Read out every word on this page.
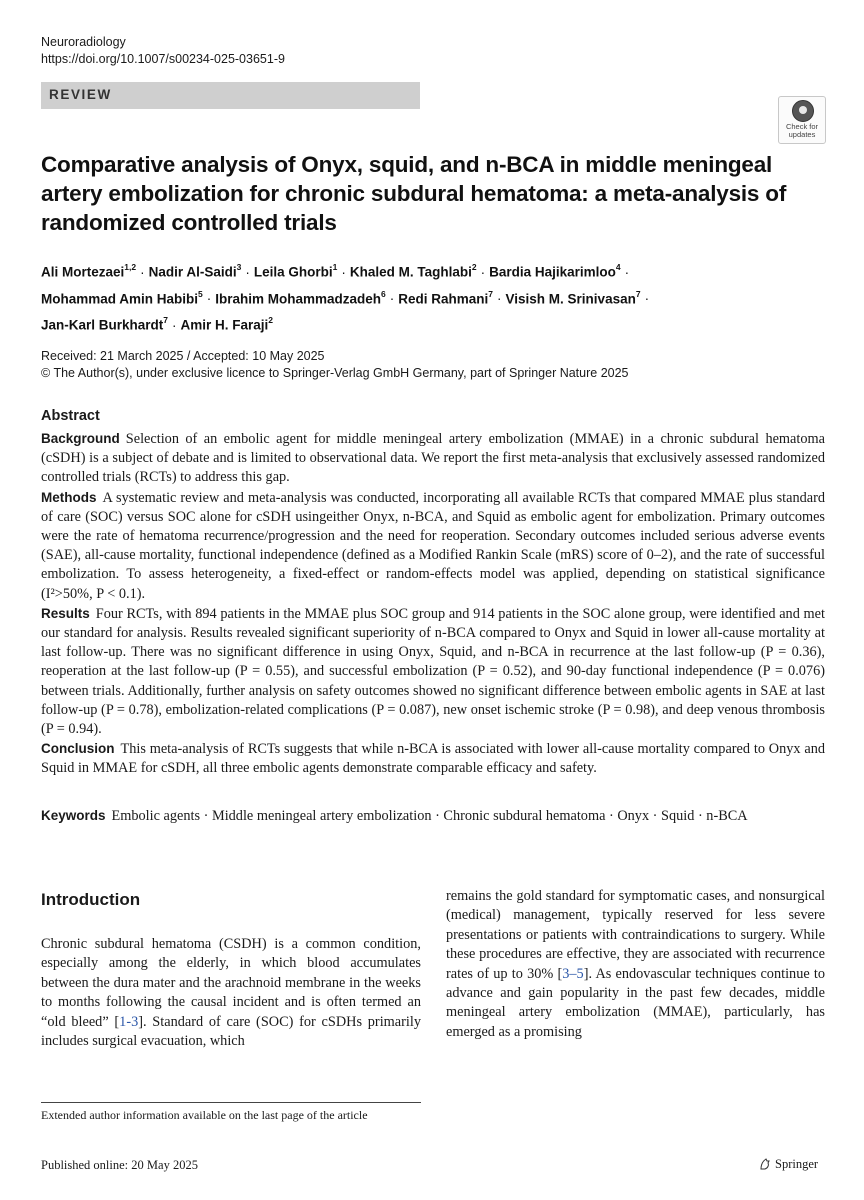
Neuroradiology
https://doi.org/10.1007/s00234-025-03651-9
REVIEW
Check for
updates
Comparative analysis of Onyx, squid, and n-BCA in middle meningeal artery embolization for chronic subdural hematoma: a meta-analysis of randomized controlled trials
Ali Mortezaei$^{1,2}$ · Nadir Al-Saidi$^3$ · Leila Ghorbi$^1$ · Khaled M. Taghlabi$^2$ · Bardia Hajikarimloo$^4$ ·
Mohammad Amin Habibi$^5$ · Ibrahim Mohammadzadeh$^6$ · Redi Rahmani$^7$ · Visish M. Srinivasan$^7$ ·
Jan-Karl Burkhardt$^7$ · Amir H. Faraji$^2$
Received: 21 March 2025 / Accepted: 10 May 2025
© The Author(s), under exclusive licence to Springer-Verlag GmbH Germany, part of Springer Nature 2025
Abstract

Background Selection of an embolic agent for middle meningeal artery embolization (MMAE) in a chronic subdural hematoma (cSDH) is a subject of debate and is limited to observational data. We report the first meta-analysis that exclusively assessed randomized controlled trials (RCTs) to address this gap.

Methods A systematic review and meta-analysis was conducted, incorporating all available RCTs that compared MMAE plus standard of care (SOC) versus SOC alone for cSDH usingeither Onyx, n-BCA, and Squid as embolic agent for embolization. Primary outcomes were the rate of hematoma recurrence/progression and the need for reoperation. Secondary outcomes included serious adverse events (SAE), all-cause mortality, functional independence (defined as a Modified Rankin Scale (mRS) score of 0–2), and the rate of successful embolization. To assess heterogeneity, a fixed-effect or random-effects model was applied, depending on statistical significance (I²>50%, P < 0.1).

Results Four RCTs, with 894 patients in the MMAE plus SOC group and 914 patients in the SOC alone group, were identified and met our standard for analysis. Results revealed significant superiority of n-BCA compared to Onyx and Squid in lower all-cause mortality at last follow-up. There was no significant difference in using Onyx, Squid, and n-BCA in recurrence at the last follow-up (P = 0.36), reoperation at the last follow-up (P = 0.55), and successful embolization (P = 0.52), and 90-day functional independence (P = 0.076) between trials. Additionally, further analysis on safety outcomes showed no significant difference between embolic agents in SAE at last follow-up (P = 0.78), embolization-related complications (P = 0.087), new onset ischemic stroke (P = 0.98), and deep venous thrombosis (P = 0.94).

Conclusion This meta-analysis of RCTs suggests that while n-BCA is associated with lower all-cause mortality compared to Onyx and Squid in MMAE for cSDH, all three embolic agents demonstrate comparable efficacy and safety.

Keywords Embolic agents · Middle meningeal artery embolization · Chronic subdural hematoma · Onyx · Squid · n-BCA
Introduction

Chronic subdural hematoma (CSDH) is a common condition, especially among the elderly, in which blood accumulates between the dura mater and the arachnoid membrane in the weeks to months following the causal incident and is often termed an “old bleed” [1-3]. Standard of care (SOC) for cSDHs primarily includes surgical evacuation, which

remains the gold standard for symptomatic cases, and nonsurgical (medical) management, typically reserved for less severe presentations or patients with contraindications to surgery. While these procedures are effective, they are associated with recurrence rates of up to 30% [3–5]. As endovascular techniques continue to advance and gain popularity in the past few decades, middle meningeal artery embolization (MMAE), particularly, has emerged as a promising

Extended author information available on the last page of the article
Published online: 20 May 2025	Springer
